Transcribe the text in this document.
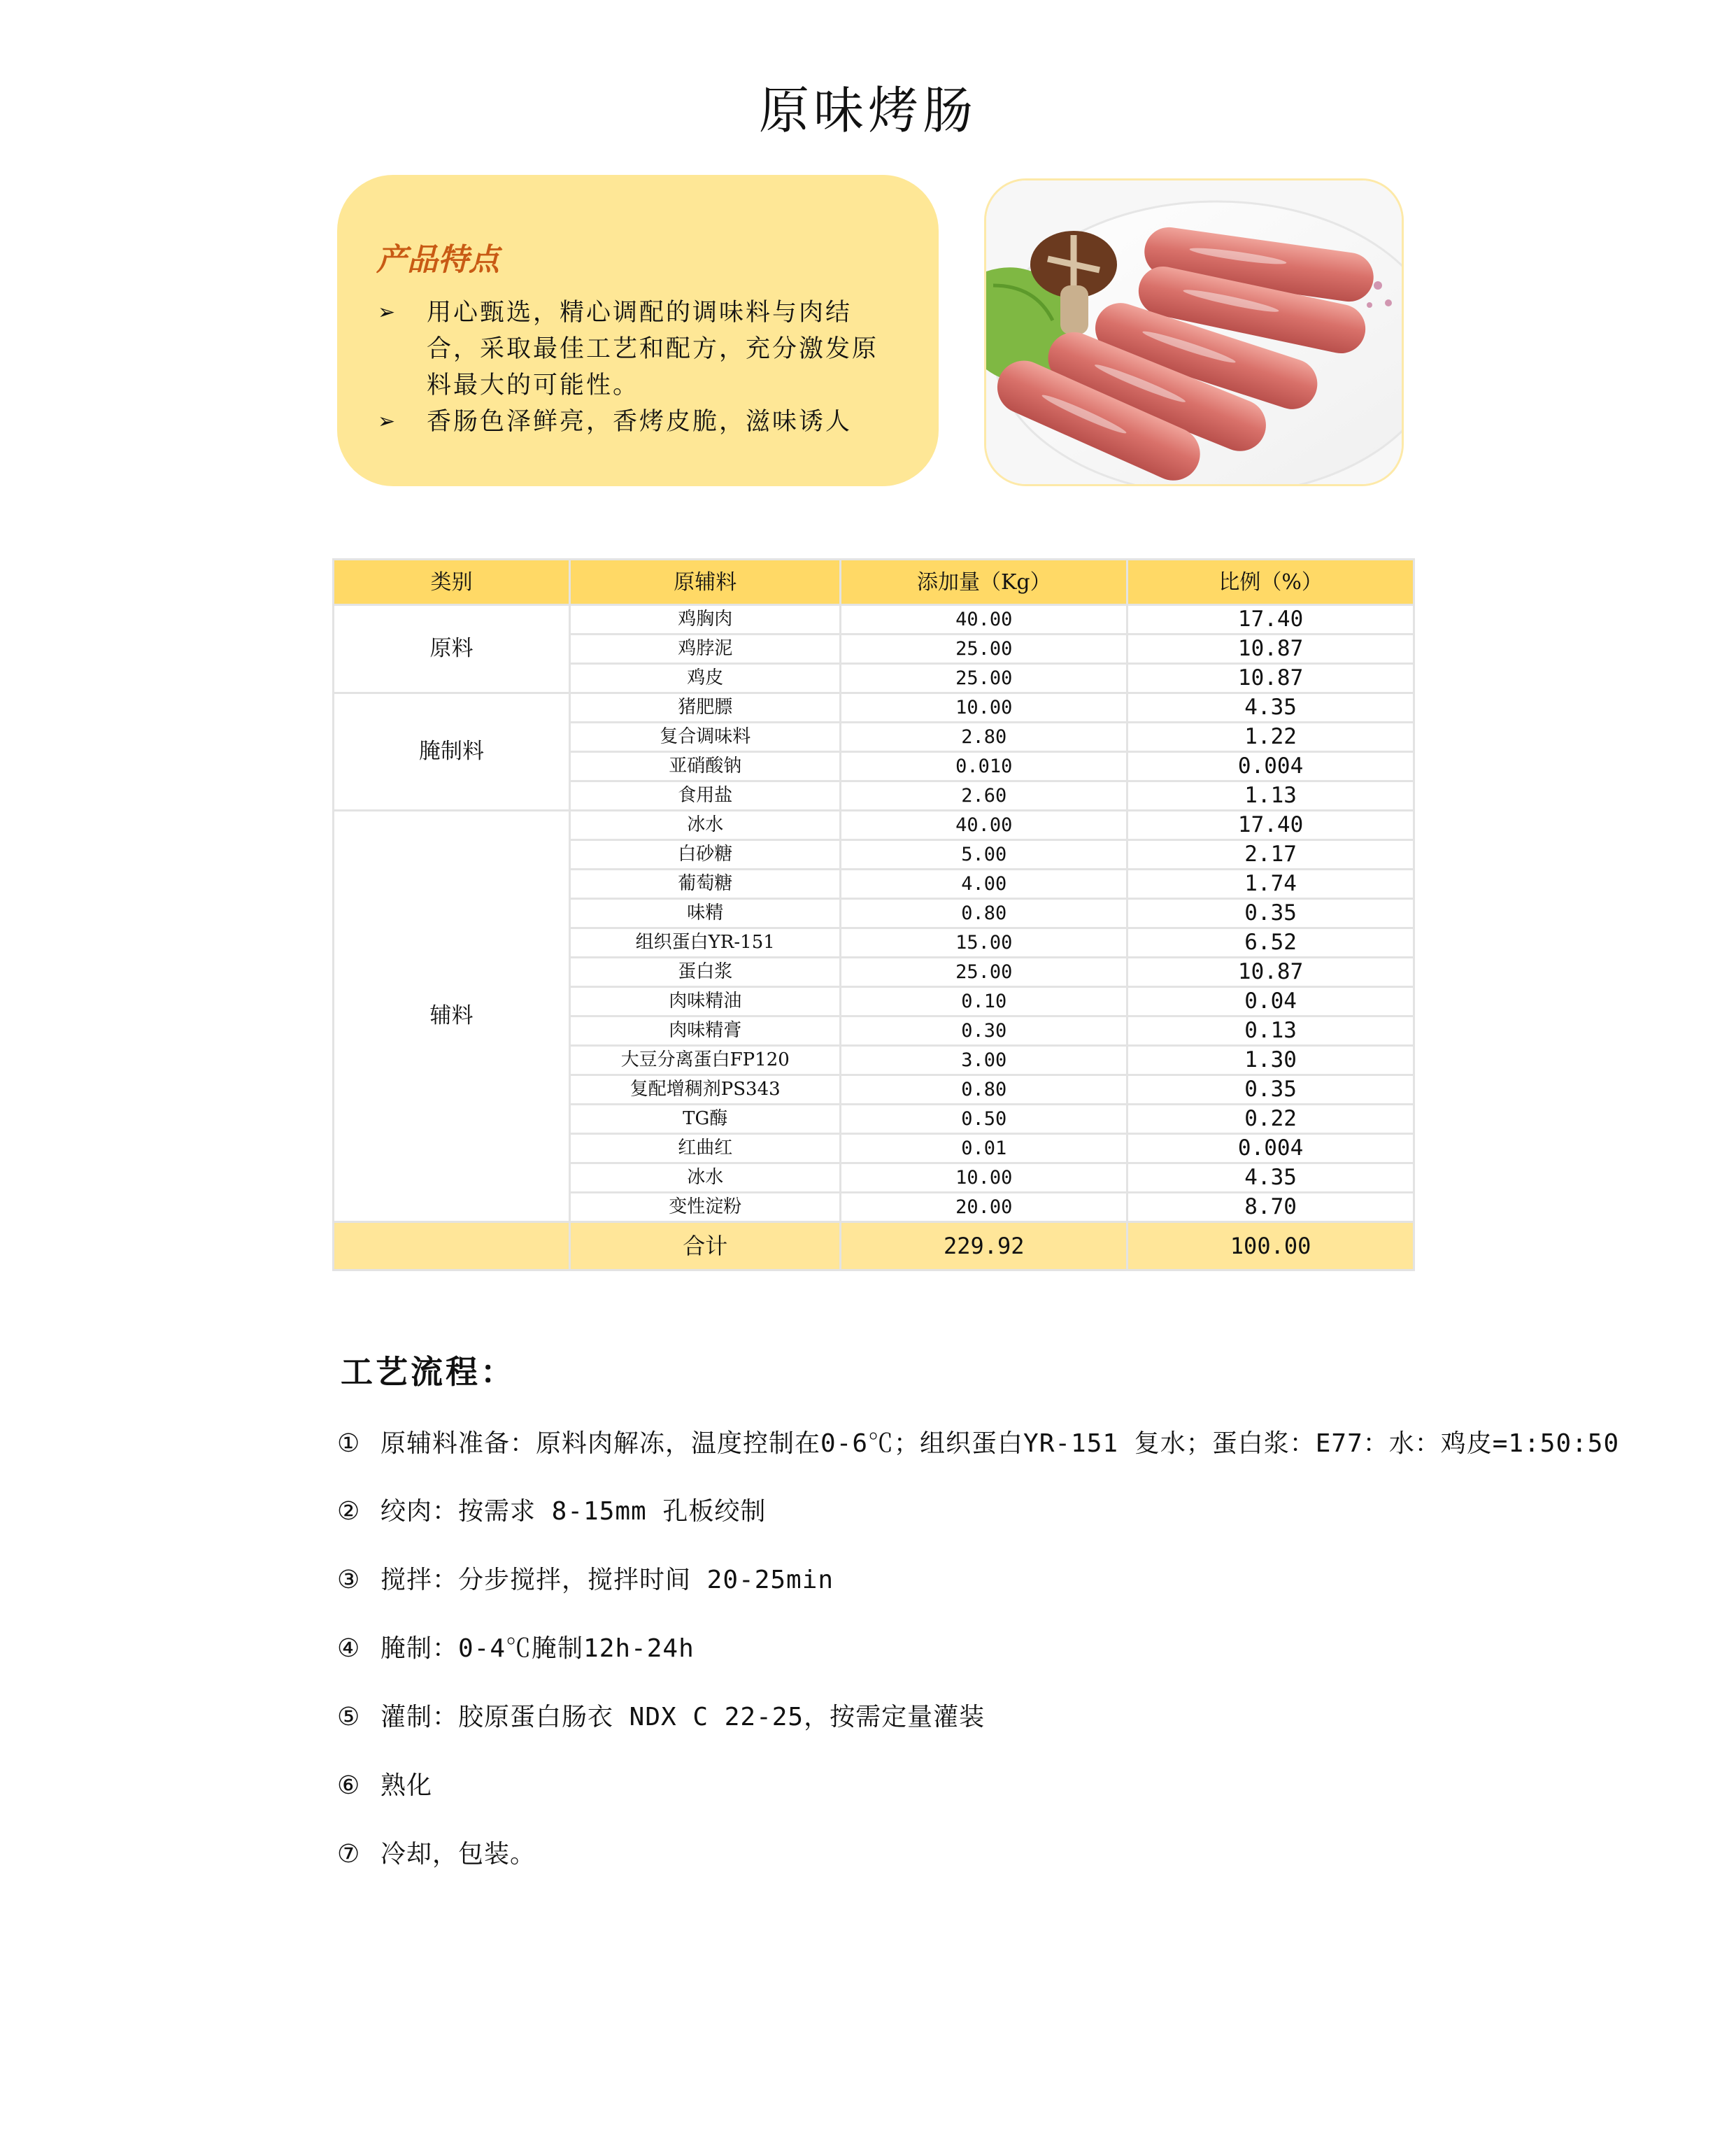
原味烤肠
产品特点
➢	用心甄选，精心调配的调味料与肉结合，采取最佳工艺和配方，充分激发原料最大的可能性。
➢	香肠色泽鲜亮，香烤皮脆，滋味诱人
类别	原辅料	添加量（Kg）	比例（%）
原料	鸡胸肉	40.00	17.40
	鸡脖泥	25.00	10.87
	鸡皮	25.00	10.87
腌制料	猪肥膘	10.00	4.35
	复合调味料	2.80	1.22
	亚硝酸钠	0.010	0.004
	食用盐	2.60	1.13
辅料	冰水	40.00	17.40
	白砂糖	5.00	2.17
	葡萄糖	4.00	1.74
	味精	0.80	0.35
	组织蛋白YR-151	15.00	6.52
	蛋白浆	25.00	10.87
	肉味精油	0.10	0.04
	肉味精膏	0.30	0.13
	大豆分离蛋白FP120	3.00	1.30
	复配增稠剂PS343	0.80	0.35
	TG酶	0.50	0.22
	红曲红	0.01	0.004
	冰水	10.00	4.35
	变性淀粉	20.00	8.70
	合计	229.92	100.00
工艺流程：
① 原辅料准备：原料肉解冻，温度控制在0-6℃；组织蛋白YR-151 复水；蛋白浆：E77：水：鸡皮=1:50:50
② 绞肉：按需求 8-15mm 孔板绞制
③ 搅拌：分步搅拌，搅拌时间 20-25min
④ 腌制：0-4℃腌制12h-24h
⑤ 灌制：胶原蛋白肠衣 NDX C 22-25，按需定量灌装
⑥ 熟化
⑦ 冷却，包装。
